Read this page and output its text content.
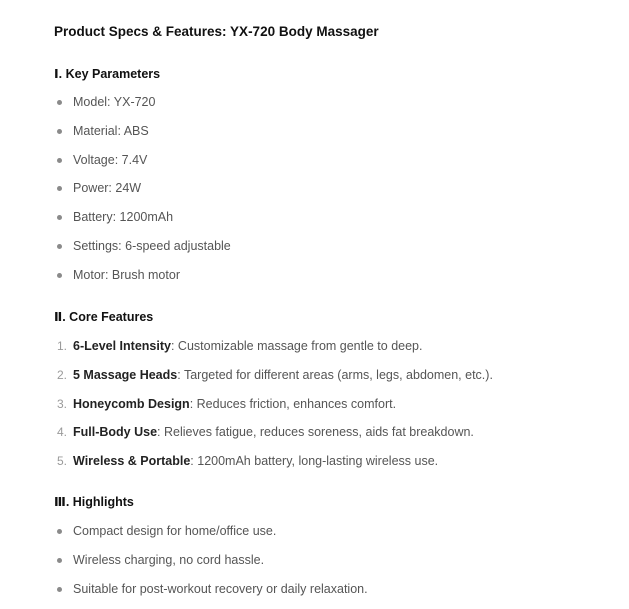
Product Specs & Features: YX-720 Body Massager
Ⅰ. Key Parameters
Model: YX-720
Material: ABS
Voltage: 7.4V
Power: 24W
Battery: 1200mAh
Settings: 6-speed adjustable
Motor: Brush motor
Ⅱ. Core Features
1. 6-Level Intensity: Customizable massage from gentle to deep.
2. 5 Massage Heads: Targeted for different areas (arms, legs, abdomen, etc.).
3. Honeycomb Design: Reduces friction, enhances comfort.
4. Full-Body Use: Relieves fatigue, reduces soreness, aids fat breakdown.
5. Wireless & Portable: 1200mAh battery, long-lasting wireless use.
Ⅲ. Highlights
Compact design for home/office use.
Wireless charging, no cord hassle.
Suitable for post-workout recovery or daily relaxation.
